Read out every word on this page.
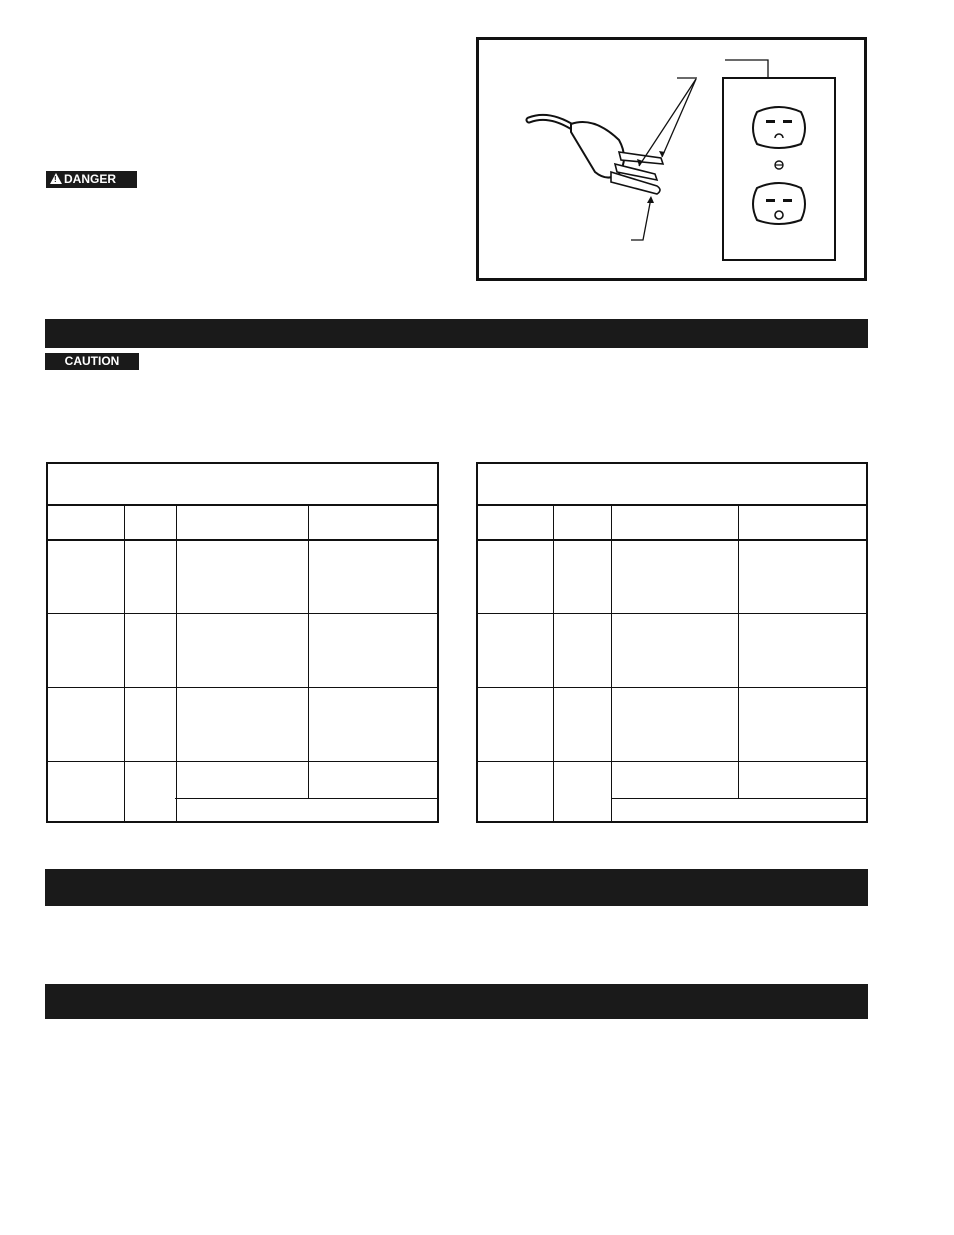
! DANGER
CAUTION
